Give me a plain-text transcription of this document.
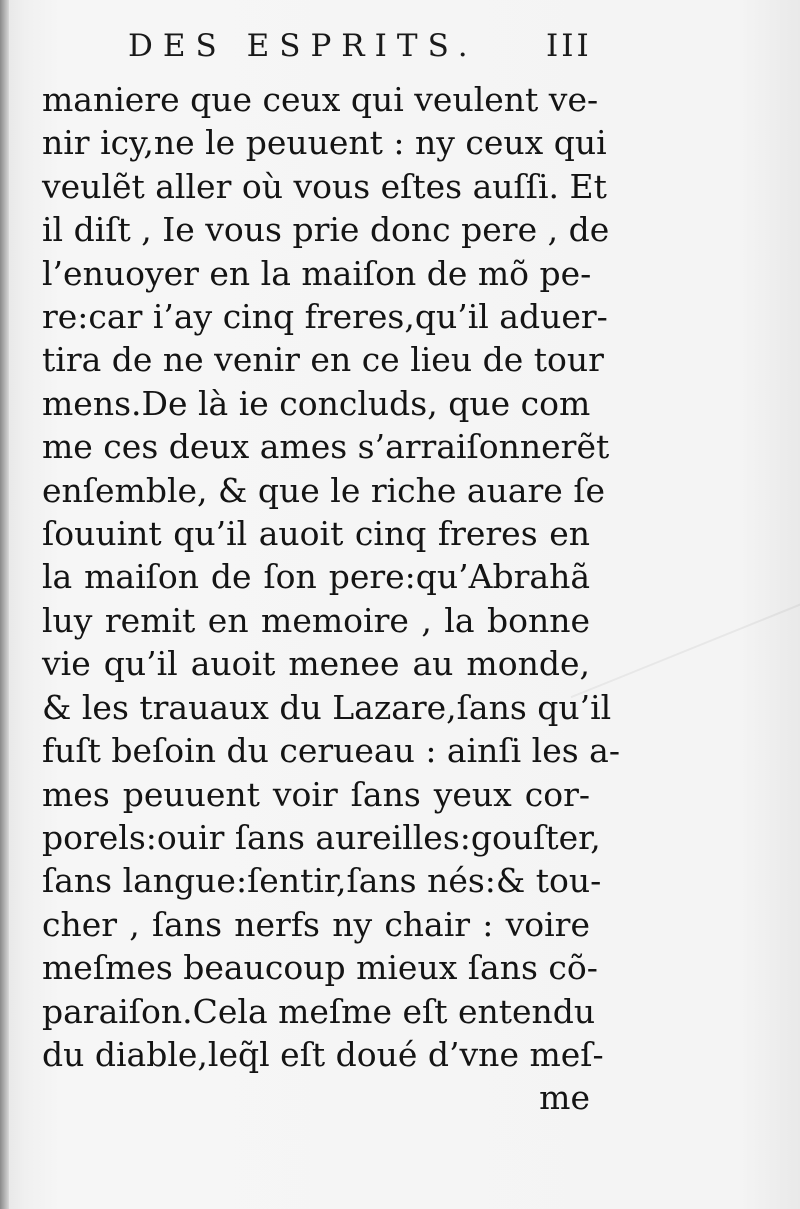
DES ESPRITS.	III
maniere que ceux qui veulent ve-
nir icy,ne le peuuent : ny ceux qui
veulẽt aller où vous eſtes auſſi. Et
il diſt , Ie vous prie donc pere , de
l’enuoyer en la maiſon de mõ pe-
re:car i’ay cinq freres,qu’il aduer-
tira de ne venir en ce lieu de tour
mens.De là ie concluds, que com
me ces deux ames s’arraiſonnerẽt
enſemble, & que le riche auare ſe
ſouuint qu’il auoit cinq freres en
la maiſon de ſon pere:qu’Abrahã
luy remit en memoire , la bonne
vie qu’il auoit menee au monde,
& les trauaux du Lazare,ſans qu’il
fuſt beſoin du cerueau : ainſi les a-
mes peuuent voir ſans yeux cor-
porels:ouir ſans aureilles:gouſter,
ſans langue:ſentir,ſans nés:& tou-
cher , ſans nerfs ny chair : voire
meſmes beaucoup mieux ſans cõ-
paraiſon.Cela meſme eſt entendu
du diable,leq̃l eſt doué d’vne meſ-
me
